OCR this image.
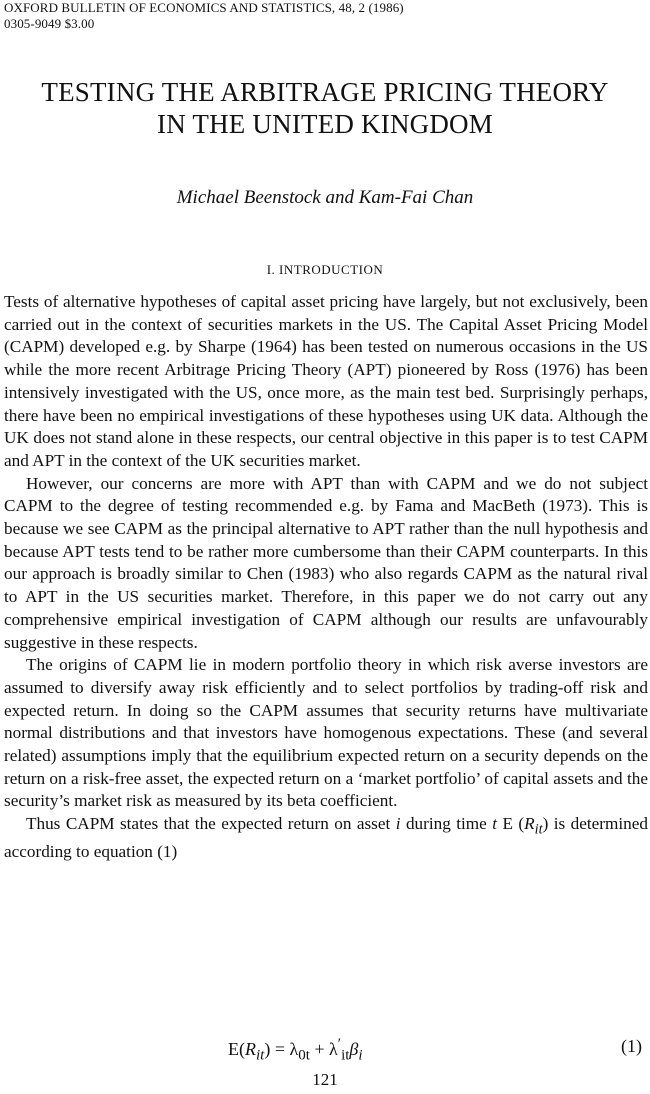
OXFORD BULLETIN OF ECONOMICS AND STATISTICS, 48, 2 (1986)
0305-9049 $3.00
TESTING THE ARBITRAGE PRICING THEORY
IN THE UNITED KINGDOM
Michael Beenstock and Kam-Fai Chan
I. INTRODUCTION

Tests of alternative hypotheses of capital asset pricing have largely, but not exclusively, been carried out in the context of securities markets in the US. The Capital Asset Pricing Model (CAPM) developed e.g. by Sharpe (1964) has been tested on numerous occasions in the US while the more recent Arbitrage Pricing Theory (APT) pioneered by Ross (1976) has been intensively investigated with the US, once more, as the main test bed. Surprisingly perhaps, there have been no empirical investigations of these hypotheses using UK data. Although the UK does not stand alone in these respects, our central objective in this paper is to test CAPM and APT in the context of the UK securities market.

However, our concerns are more with APT than with CAPM and we do not subject CAPM to the degree of testing recommended e.g. by Fama and MacBeth (1973). This is because we see CAPM as the principal alternative to APT rather than the null hypothesis and because APT tests tend to be rather more cumbersome than their CAPM counterparts. In this our approach is broadly similar to Chen (1983) who also regards CAPM as the natural rival to APT in the US securities market. Therefore, in this paper we do not carry out any comprehensive empirical investigation of CAPM although our results are unfavourably suggestive in these respects.

The origins of CAPM lie in modern portfolio theory in which risk averse investors are assumed to diversify away risk efficiently and to select portfolios by trading-off risk and expected return. In doing so the CAPM assumes that security returns have multivariate normal distributions and that investors have homogenous expectations. These (and several related) assumptions imply that the equilibrium expected return on a security depends on the return on a risk-free asset, the expected return on a ‘market portfolio’ of capital assets and the security’s market risk as measured by its beta coefficient.

Thus CAPM states that the expected return on asset i during time t E $(R_{it})$ is determined according to equation (1)

$E(R_{it}) = \lambda_{0t} + \lambda'_{it}\beta_i$	(1)
121
